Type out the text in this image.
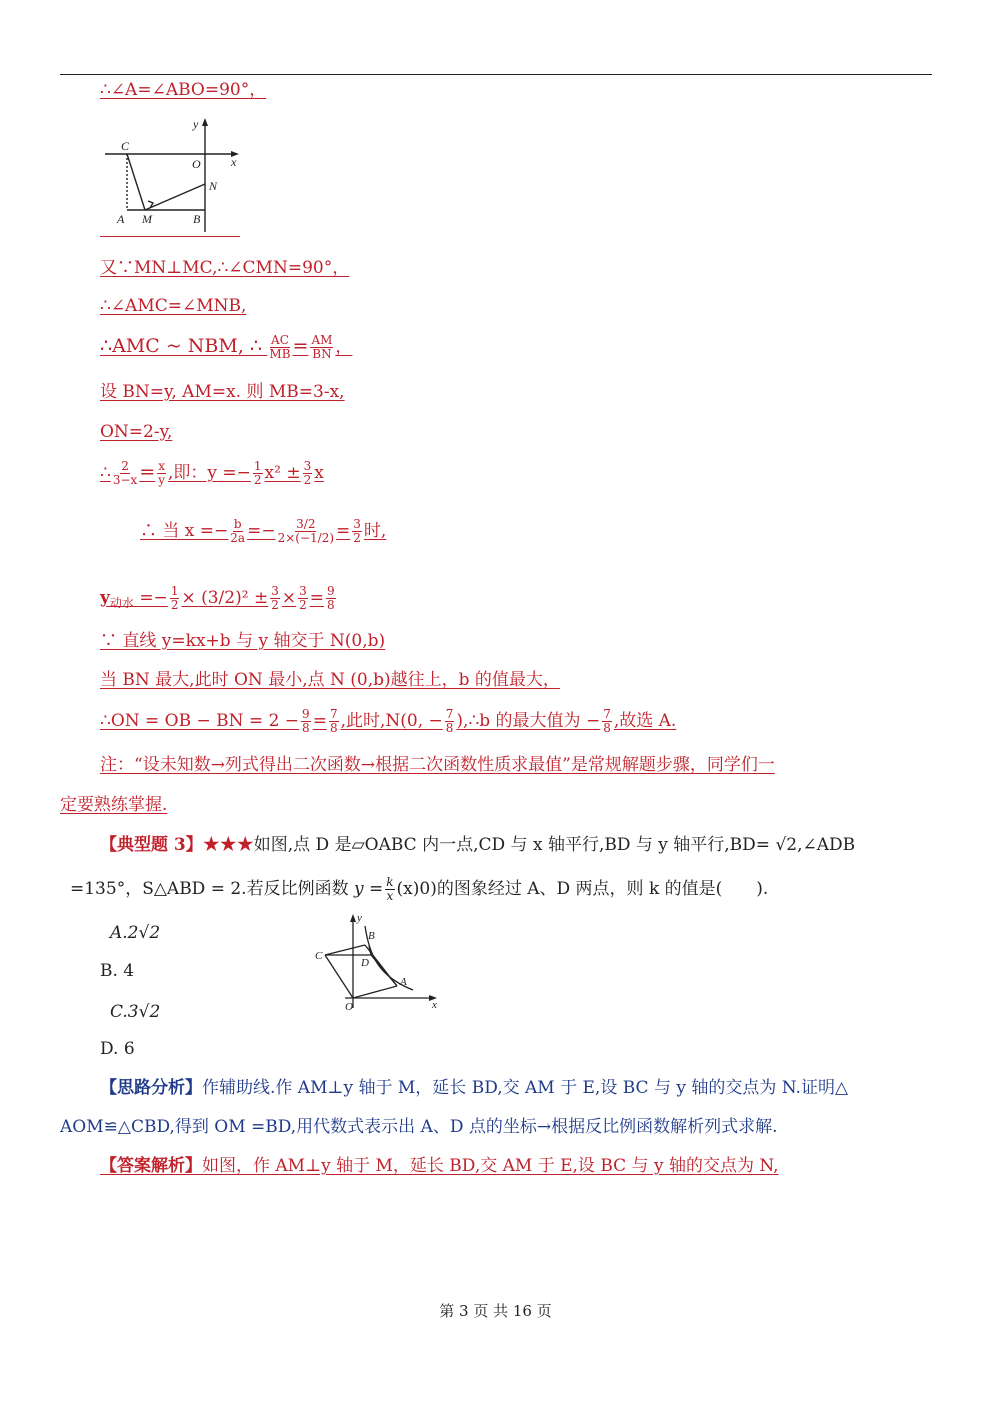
∴∠A=∠ABO=90°，
y
x
C
O
N
A M	B
又∵MN⊥MC,∴∠CMN=90°，
∴∠AMC=∠MNB,
∴AMC ~ NBM, ∴ $\frac{AC}{MB} = \frac{AM}{BN}$ ，
设 BN=y, AM=x. 则 MB=3-x,
ON=2-y,
∴ $\frac{2}{3-x} = \frac{x}{y}$ ,即：$y =- \frac{1}{2} x^2 \pm \frac{3}{2}$ x
∴ 当 $x =- \frac{b}{2a} =- \frac{3/2}{2\times(-1/2)} = \frac{3}{2}$ 时,
$y_{动水} =- \frac{1}{2} \times (3/2)^2 \pm \frac{3}{2} \times \frac{3}{2} = \frac{9}{8}$
∵ 直线 y=kx+b 与 y 轴交于 N(0,b)
当 BN 最大,此时 ON 最小,点 N (0,b)越往上，b 的值最大，
∴ON = OB − BN = $2 - \frac{9}{8} = \frac{7}{8}$ ,此时,N(0, − $\frac{7}{8}$ ),∴b 的最大值为 − $\frac{7}{8}$ ,故选 A.
注：“设未知数→列式得出二次函数→根据二次函数性质求最值”是常规解题步骤，同学们一
定要熟练掌握.
【典型题 3】★★★如图,点 D 是▱OABC 内一点,CD 与 x 轴平行,BD 与 y 轴平行,BD= √2,∠ADB
=135°，S△ABD = 2.若反比例函数 $y = \frac{k}{x} (x)0$)的图象经过 A、D 两点，则 k 的值是(　　).
A.2√2
B. 4
C.3√2
D. 6
y
x
C
B
D
A
O
【思路分析】作辅助线.作 AM⊥y 轴于 M，延长 BD,交 AM 于 E,设 BC 与 y 轴的交点为 N.证明△
AOM≌△CBD,得到 OM =BD,用代数式表示出 A、D 点的坐标→根据反比例函数解析列式求解.
【答案解析】如图，作 AM⊥y 轴于 M，延长 BD,交 AM 于 E,设 BC 与 y 轴的交点为 N,
第 3 页 共 16 页
